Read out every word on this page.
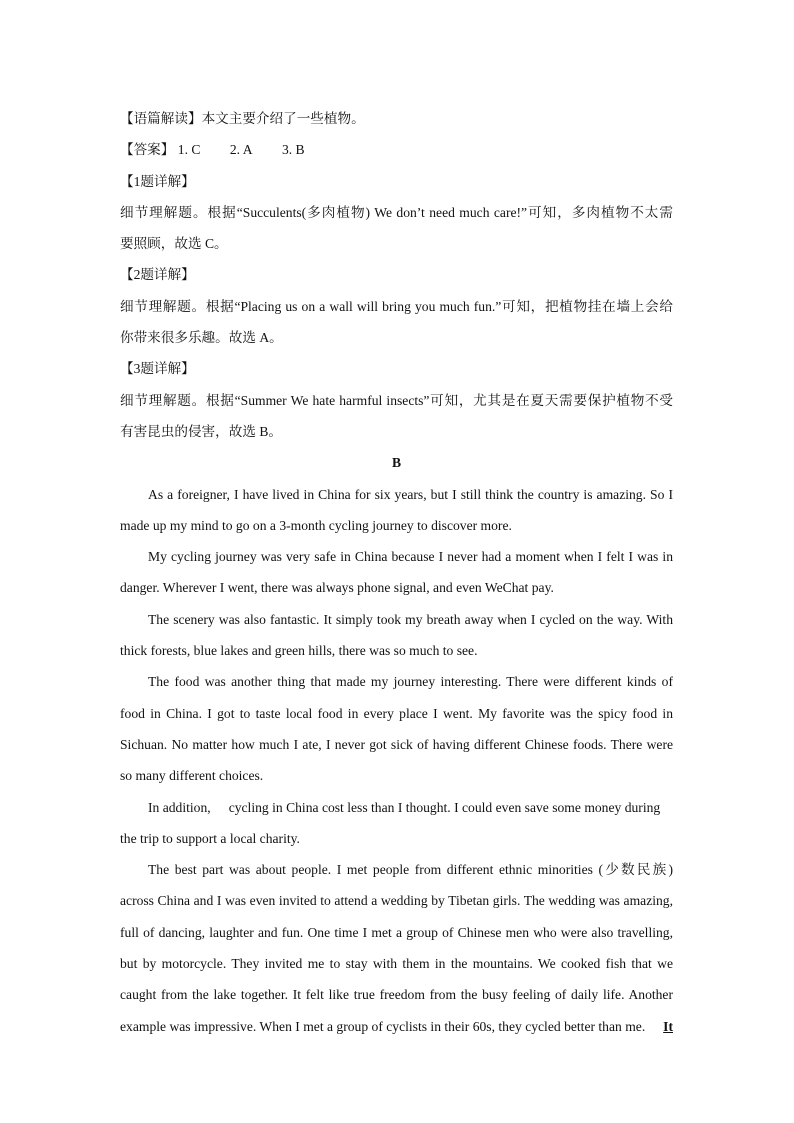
【语篇解读】本文主要介绍了一些植物。
【答案】 1. C 2. A 3. B
【1题详解】
细节理解题。根据“Succulents(多肉植物) We don’t need much care!”可知，多肉植物不太需
要照顾，故选 C。
【2题详解】
细节理解题。根据“Placing us on a wall will bring you much fun.”可知，把植物挂在墙上会给
你带来很多乐趣。故选 A。
【3题详解】
细节理解题。根据“Summer We hate harmful insects”可知，尤其是在夏天需要保护植物不受
有害昆虫的侵害，故选 B。
B
As a foreigner, I have lived in China for six years, but I still think the country is amazing. So I
made up my mind to go on a 3-month cycling journey to discover more.
My cycling journey was very safe in China because I never had a moment when I felt I was in
danger. Wherever I went, there was always phone signal, and even WeChat pay.
The scenery was also fantastic. It simply took my breath away when I cycled on the way. With
thick forests, blue lakes and green hills, there was so much to see.
The food was another thing that made my journey interesting. There were different kinds of
food in China. I got to taste local food in every place I went. My favorite was the spicy food in
Sichuan. No matter how much I ate, I never got sick of having different Chinese foods. There were
so many different choices.
In addition, cycling in China cost less than I thought. I could even save some money during
the trip to support a local charity.
The best part was about people. I met people from different ethnic minorities (少数民族)
across China and I was even invited to attend a wedding by Tibetan girls. The wedding was amazing,
full of dancing, laughter and fun. One time I met a group of Chinese men who were also travelling,
but by motorcycle. They invited me to stay with them in the mountains. We cooked fish that we
caught from the lake together. It felt like true freedom from the busy feeling of daily life. Another
example was impressive. When I met a group of cyclists in their 60s, they cycled better than me. It
